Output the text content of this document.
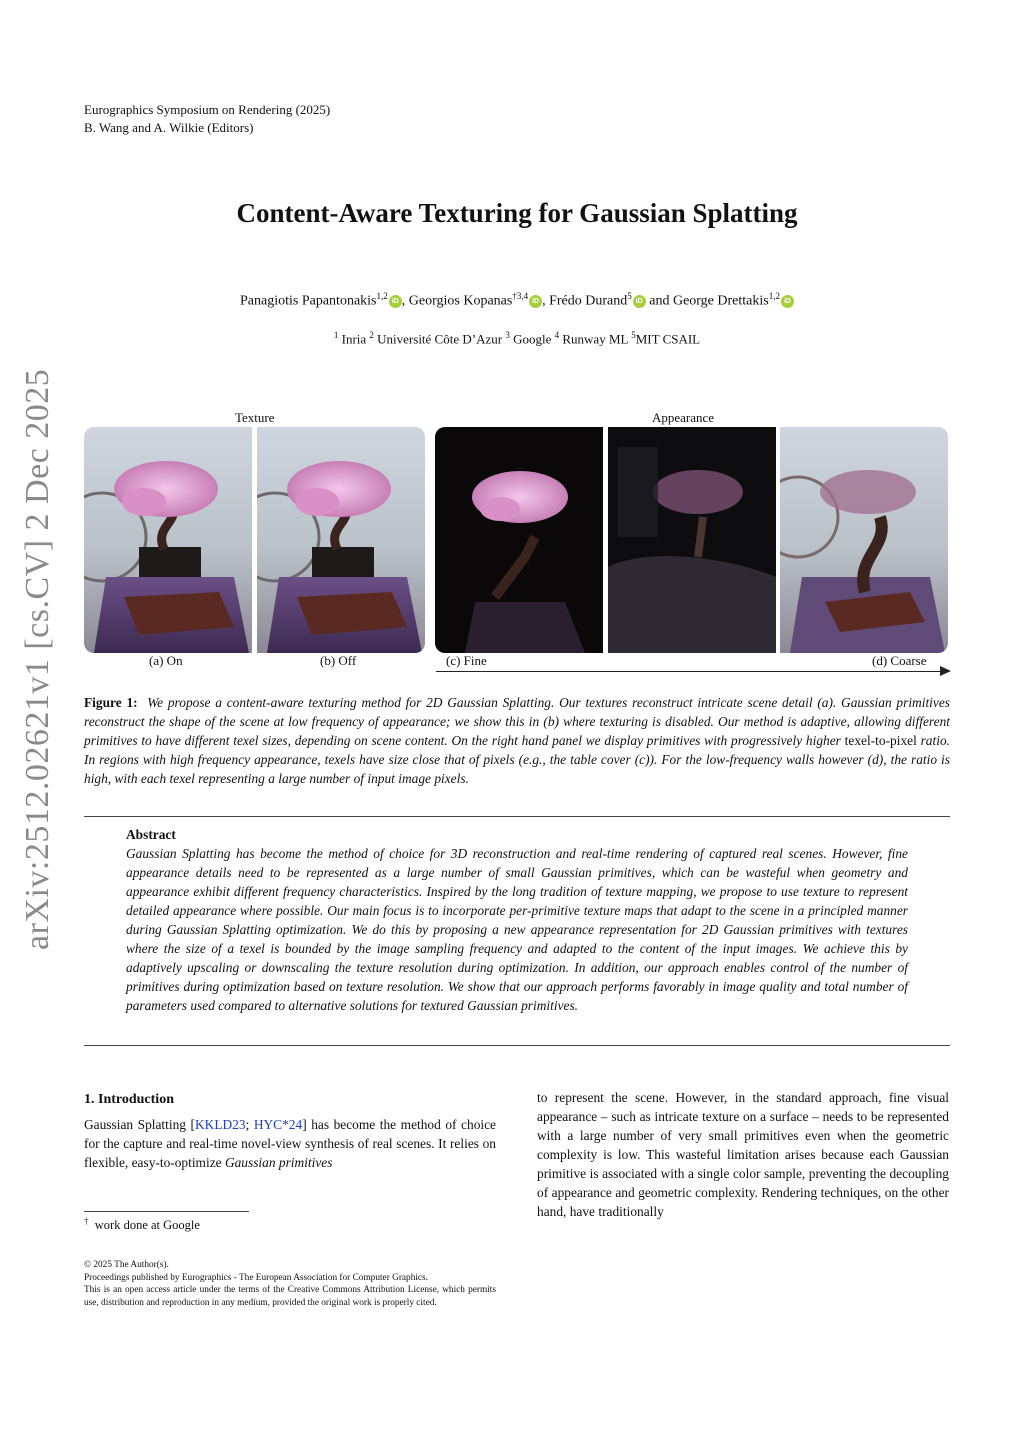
arXiv:2512.02621v1 [cs.CV] 2 Dec 2025
Eurographics Symposium on Rendering (2025)
B. Wang and A. Wilkie (Editors)
Content-Aware Texturing for Gaussian Splatting
Panagiotis Papantonakis$^{1,2}$iD , Georgios Kopanas$^{\dagger 3,4}$iD , Frédo Durand$^5$iD and George Drettakis$^{1,2}$iD
$^1$ Inria $^2$ Université Côte D’Azur $^3$ Google $^4$ Runway ML $^5$MIT CSAIL
Texture	Appearance
(a) On	(b) Off	(c) Fine	(d) Coarse
Figure 1: We propose a content-aware texturing method for 2D Gaussian Splatting. Our textures reconstruct intricate scene detail (a). Gaussian primitives reconstruct the shape of the scene at low frequency of appearance; we show this in (b) where texturing is disabled. Our method is adaptive, allowing different primitives to have different texel sizes, depending on scene content. On the right hand panel we display primitives with progressively higher texel-to-pixel ratio. In regions with high frequency appearance, texels have size close that of pixels (e.g., the table cover (c)). For the low-frequency walls however (d), the ratio is high, with each texel representing a large number of input image pixels.
Abstract
Gaussian Splatting has become the method of choice for 3D reconstruction and real-time rendering of captured real scenes. However, fine appearance details need to be represented as a large number of small Gaussian primitives, which can be wasteful when geometry and appearance exhibit different frequency characteristics. Inspired by the long tradition of texture mapping, we propose to use texture to represent detailed appearance where possible. Our main focus is to incorporate per-primitive texture maps that adapt to the scene in a principled manner during Gaussian Splatting optimization. We do this by proposing a new appearance representation for 2D Gaussian primitives with textures where the size of a texel is bounded by the image sampling frequency and adapted to the content of the input images. We achieve this by adaptively upscaling or downscaling the texture resolution during optimization. In addition, our approach enables control of the number of primitives during optimization based on texture resolution. We show that our approach performs favorably in image quality and total number of parameters used compared to alternative solutions for textured Gaussian primitives.
1. Introduction
Gaussian Splatting [KKLD23; HYC*24] has become the method of choice for the capture and real-time novel-view synthesis of real scenes. It relies on flexible, easy-to-optimize Gaussian primitives
to represent the scene. However, in the standard approach, fine visual appearance – such as intricate texture on a surface – needs to be represented with a large number of very small primitives even when the geometric complexity is low. This wasteful limitation arises because each Gaussian primitive is associated with a single color sample, preventing the decoupling of appearance and geometric complexity. Rendering techniques, on the other hand, have traditionally
† work done at Google
© 2025 The Author(s).
Proceedings published by Eurographics - The European Association for Computer Graphics.
This is an open access article under the terms of the Creative Commons Attribution License, which permits use, distribution and reproduction in any medium, provided the original work is properly cited.
